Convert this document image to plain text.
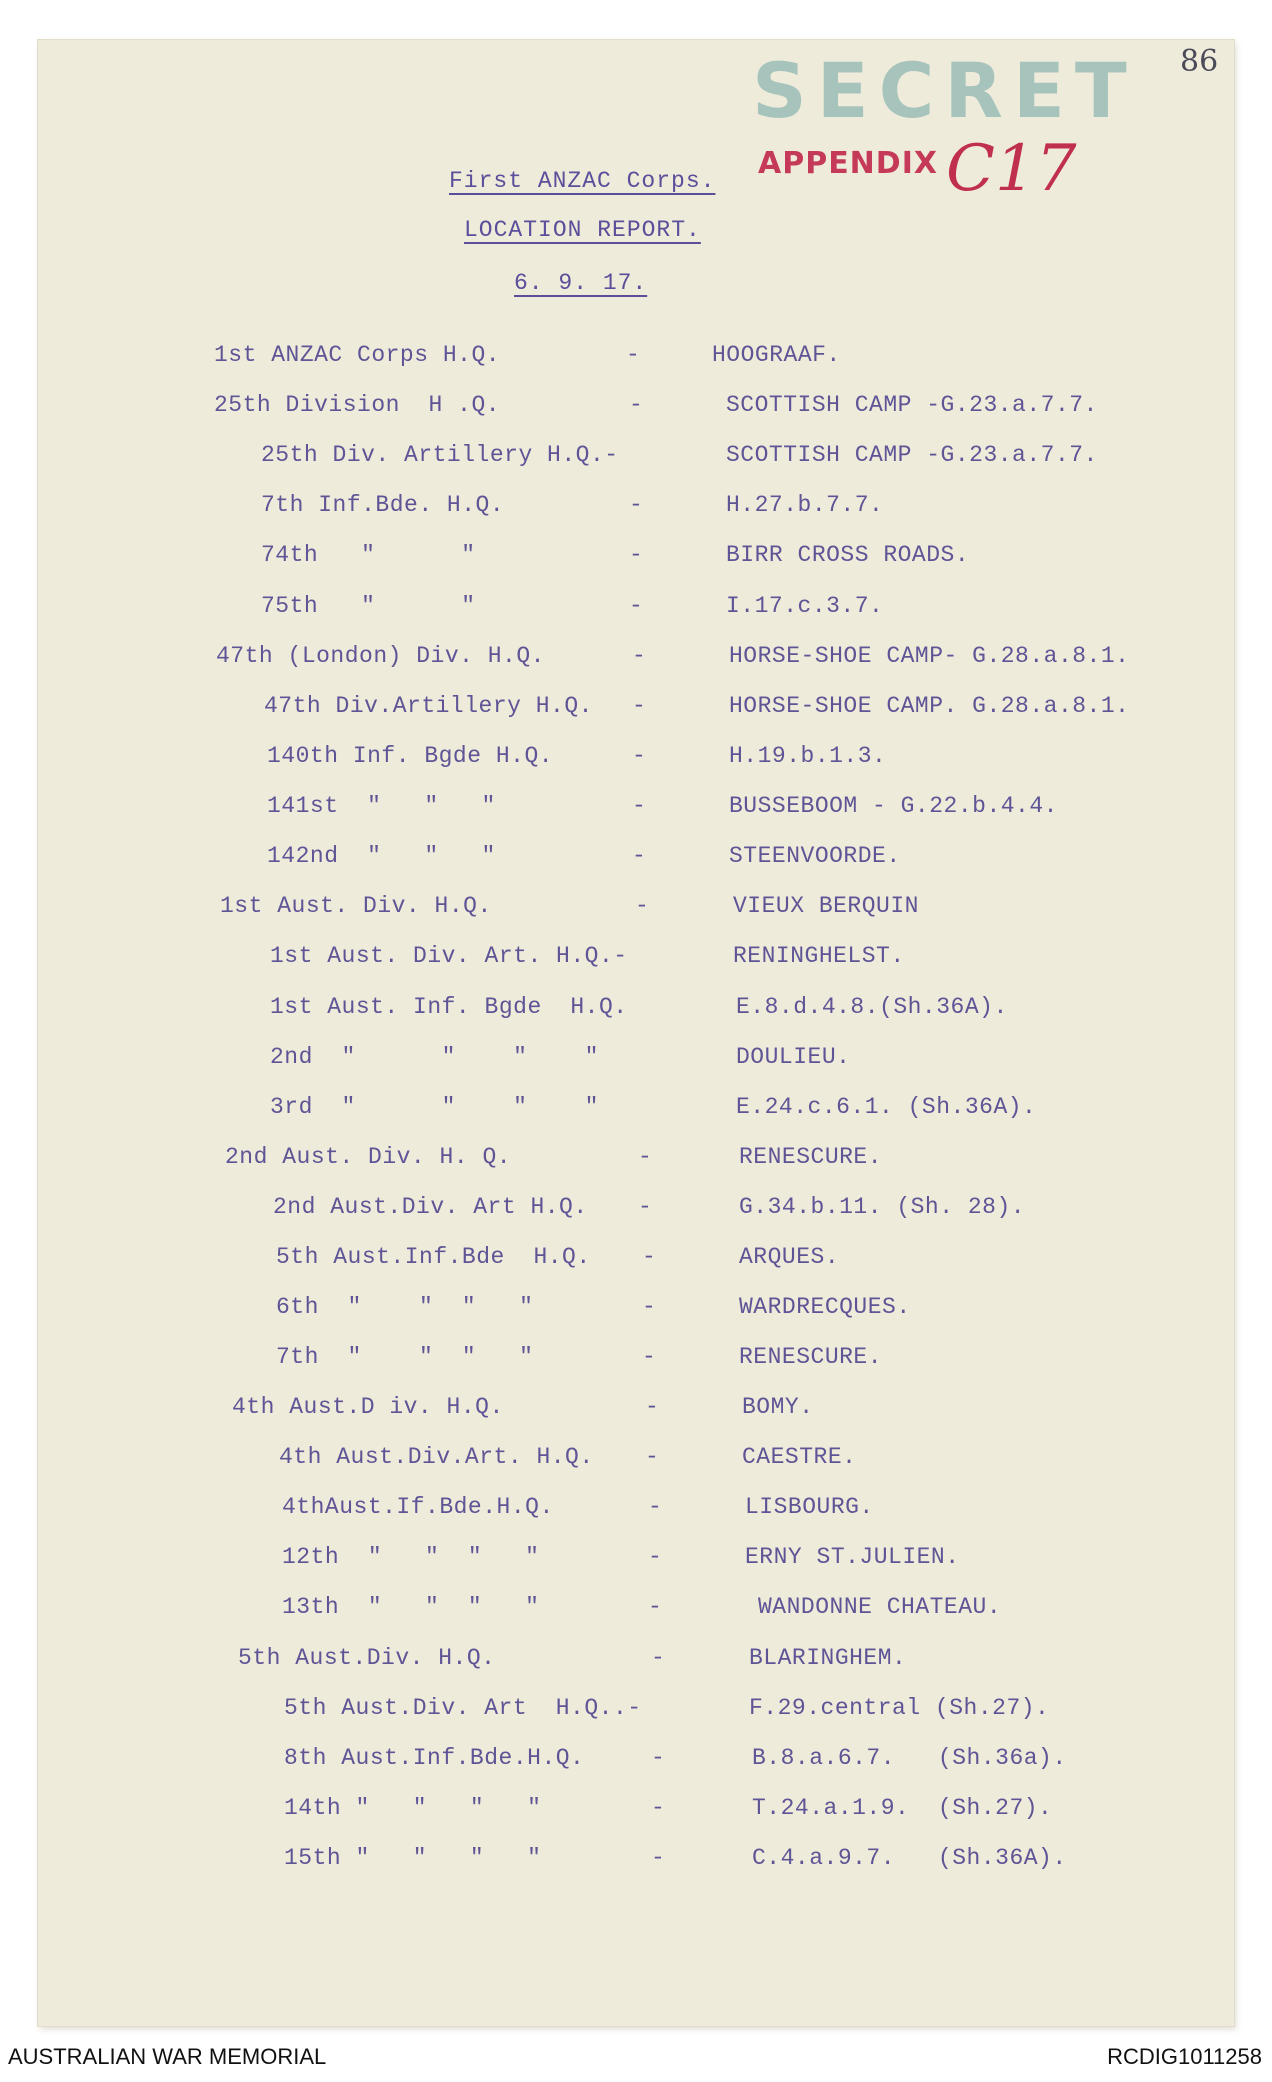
86
SECRET
APPENDIX C17
First ANZAC Corps.
LOCATION REPORT.
6. 9. 17.
1st ANZAC Corps H.Q.	-	HOOGRAAF.
25th Division  H .Q.	-	SCOTTISH CAMP -G.23.a.7.7.
25th Div. Artillery H.Q.-	SCOTTISH CAMP -G.23.a.7.7.
7th Inf.Bde. H.Q.	-	H.27.b.7.7.
74th   "      "	-	BIRR CROSS ROADS.
75th   "      "	-	I.17.c.3.7.
47th (London) Div. H.Q.	-	HORSE-SHOE CAMP- G.28.a.8.1.
47th Div.Artillery H.Q. -	HORSE-SHOE CAMP. G.28.a.8.1.
140th Inf. Bgde H.Q.	-	H.19.b.1.3.
141st  "   "   "	-	BUSSEBOOM - G.22.b.4.4.
142nd  "   "   "	-	STEENVOORDE.
1st Aust. Div. H.Q.	-	VIEUX BERQUIN
1st Aust. Div. Art. H.Q.-	RENINGHELST.
1st Aust. Inf. Bgde  H.Q.	E.8.d.4.8.(Sh.36A).
2nd  "      "    "    "	DOULIEU.
3rd  "      "    "    "	E.24.c.6.1. (Sh.36A).
2nd Aust. Div. H. Q.	-	RENESCURE.
2nd Aust.Div. Art H.Q. -	G.34.b.11. (Sh. 28).
5th Aust.Inf.Bde  H.Q. -	ARQUES.
6th  "    "  "   "	-	WARDRECQUES.
7th  "    "  "   "	-	RENESCURE.
4th Aust.D iv. H.Q.	-	BOMY.
4th Aust.Div.Art. H.Q. -	CAESTRE.
4thAust.If.Bde.H.Q.	-	LISBOURG.
12th  "   "  "   "	-	ERNY ST.JULIEN.
13th  "   "  "   "	-	WANDONNE CHATEAU.
5th Aust.Div. H.Q.	-	BLARINGHEM.
5th Aust.Div. Art  H.Q..-	F.29.central (Sh.27).
8th Aust.Inf.Bde.H.Q.	-	B.8.a.6.7.   (Sh.36a).
14th "   "   "   "	-	T.24.a.1.9.  (Sh.27).
15th "   "   "   "	-	C.4.a.9.7.   (Sh.36A).
AUSTRALIAN WAR MEMORIAL	RCDIG1011258
